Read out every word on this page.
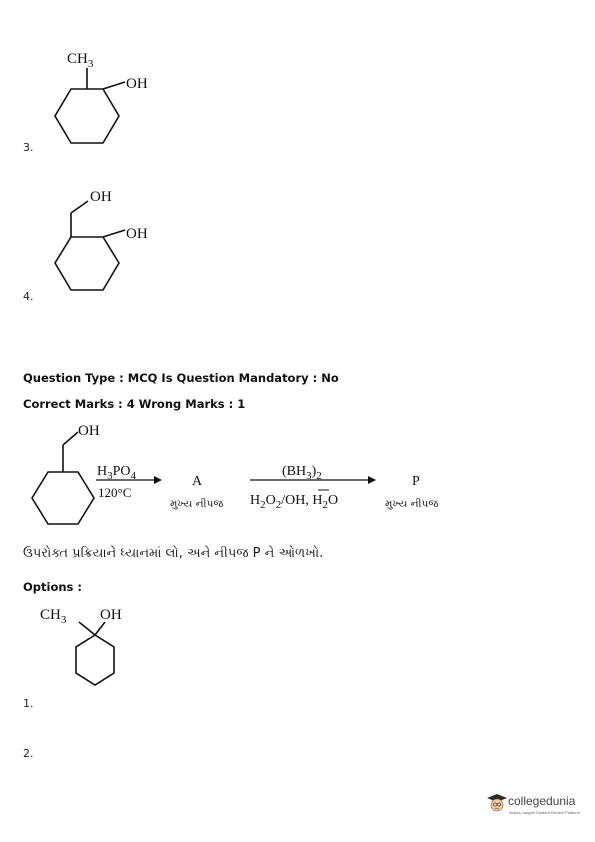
$CH_3$
OH
3.
OH
OH
4.
Question Type : MCQ Is Question Mandatory : No
Correct Marks : 4 Wrong Marks : 1
OH
$H_3PO_4$
120°C
A
મુખ્ય નીપજ
$(BH_3)_2$
$H_2O_2/OH$, $H_2O$
P
મુખ્ય નીપજ
ઉપરોક્ત પ્રક્રિયાને ધ્યાનમાં લો, અને નીપજ P ને ઓળખો.
Options :
$CH_3$ OH
1.
2.
collegedunia
India's Largest Student Review Platform
